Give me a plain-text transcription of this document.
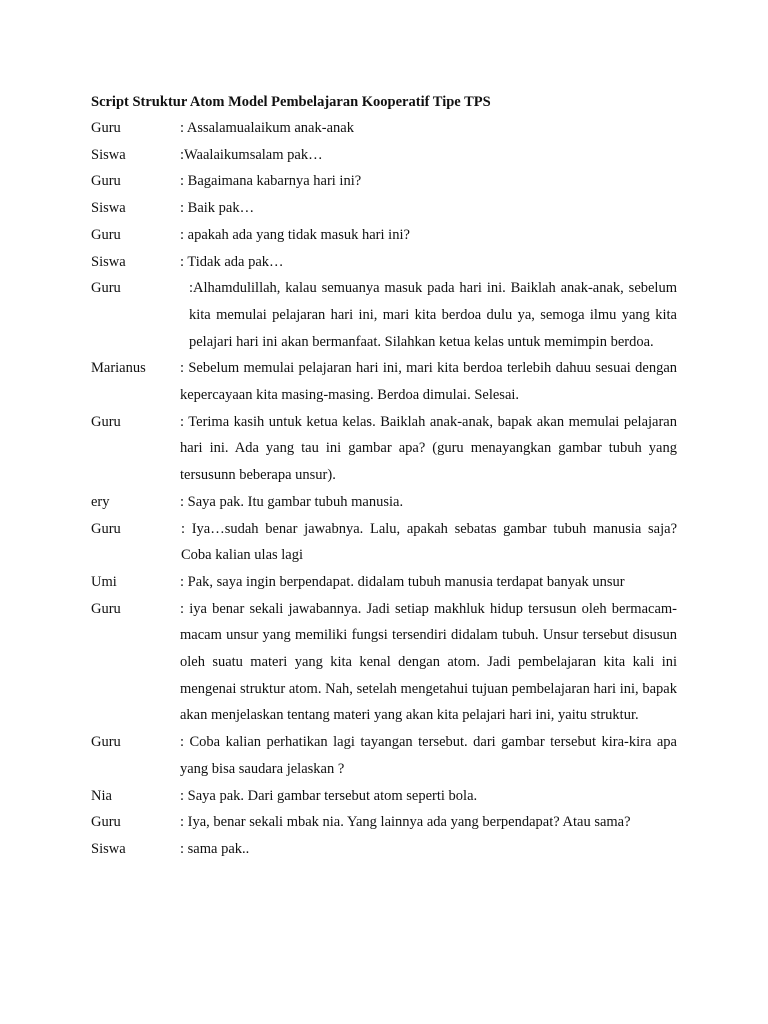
Script Struktur Atom Model Pembelajaran Kooperatif Tipe TPS

Guru	: Assalamualaikum anak-anak
Siswa	:Waalaikumsalam pak…
Guru	: Bagaimana kabarnya hari ini?
Siswa	: Baik pak…
Guru	: apakah ada yang tidak masuk hari ini?
Siswa	: Tidak ada pak…
Guru	:Alhamdulillah, kalau semuanya masuk pada hari ini. Baiklah anak-anak, sebelum kita memulai pelajaran hari ini, mari kita berdoa dulu ya, semoga ilmu yang kita pelajari hari ini akan bermanfaat. Silahkan ketua kelas untuk memimpin berdoa.
Marianus	: Sebelum memulai pelajaran hari ini, mari kita berdoa terlebih dahuu sesuai dengan kepercayaan kita masing-masing. Berdoa dimulai. Selesai.
Guru	: Terima kasih untuk ketua kelas. Baiklah anak-anak, bapak akan memulai pelajaran hari ini. Ada yang tau ini gambar apa? (guru menayangkan gambar tubuh yang tersusunn beberapa unsur).
ery	: Saya pak. Itu gambar tubuh manusia.
Guru	: Iya…sudah benar jawabnya. Lalu, apakah sebatas gambar tubuh manusia saja? Coba kalian ulas lagi
Umi	: Pak, saya ingin berpendapat. didalam tubuh manusia terdapat banyak unsur
Guru	: iya benar sekali jawabannya. Jadi setiap makhluk hidup tersusun oleh bermacam-macam unsur yang memiliki fungsi tersendiri didalam tubuh. Unsur tersebut disusun oleh suatu materi yang kita kenal dengan atom. Jadi pembelajaran kita kali ini mengenai struktur atom. Nah, setelah mengetahui tujuan pembelajaran hari ini, bapak akan menjelaskan tentang materi yang akan kita pelajari hari ini, yaitu struktur.
Guru	: Coba kalian perhatikan lagi tayangan tersebut. dari gambar tersebut kira-kira apa yang bisa saudara jelaskan ?
Nia	: Saya pak. Dari gambar tersebut atom seperti bola.
Guru	: Iya, benar sekali mbak nia. Yang lainnya ada yang berpendapat? Atau sama?
Siswa	: sama pak..
